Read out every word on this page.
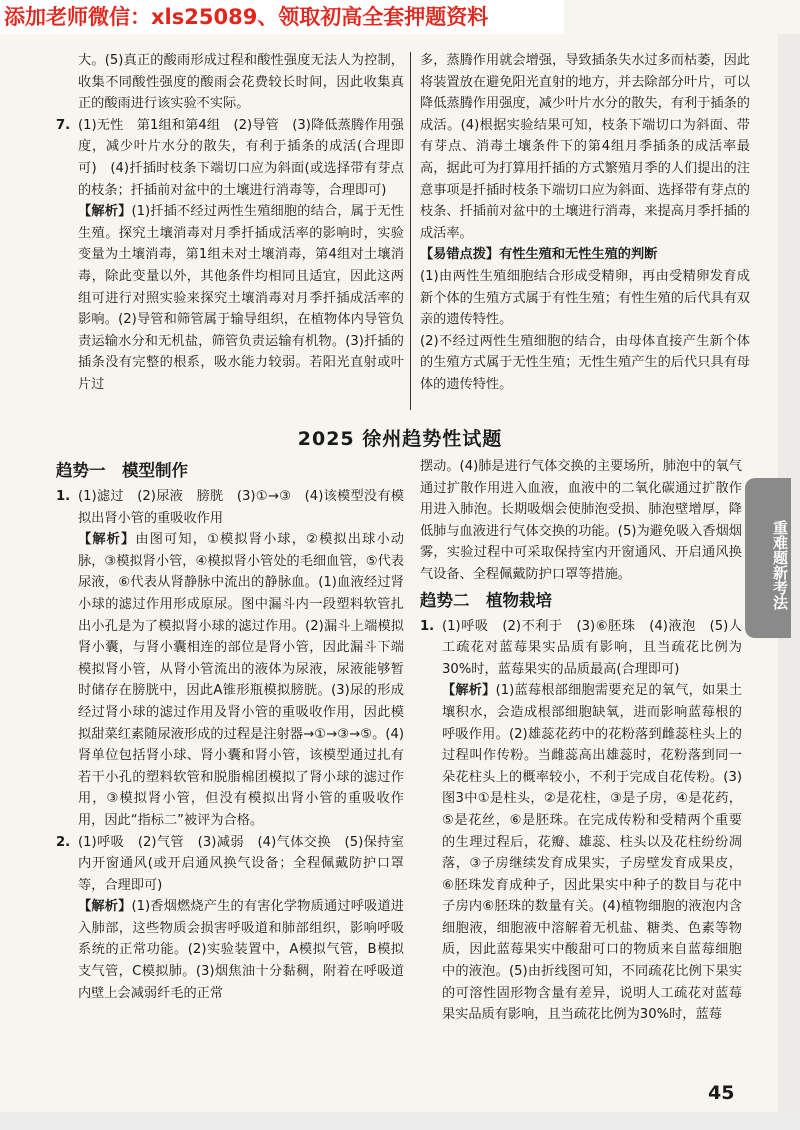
添加老师微信：xls25089、领取初高全套押题资料

大。(5)真正的酸雨形成过程和酸性强度无法人为控制，收集不同酸性强度的酸雨会花费较长时间，因此收集真正的酸雨进行该实验不实际。

7. (1)无性　第1组和第4组　(2)导管　(3)降低蒸腾作用强度，减少叶片水分的散失，有利于插条的成活(合理即可)　(4)扦插时枝条下端切口应为斜面(或选择带有芽点的枝条；扦插前对盆中的土壤进行消毒等，合理即可)

【解析】(1)扦插不经过两性生殖细胞的结合，属于无性生殖。探究土壤消毒对月季扦插成活率的影响时，实验变量为土壤消毒，第1组未对土壤消毒，第4组对土壤消毒，除此变量以外，其他条件均相同且适宜，因此这两组可进行对照实验来探究土壤消毒对月季扦插成活率的影响。(2)导管和筛管属于输导组织，在植物体内导管负责运输水分和无机盐，筛管负责运输有机物。(3)扦插的插条没有完整的根系，吸水能力较弱。若阳光直射或叶片过

多，蒸腾作用就会增强，导致插条失水过多而枯萎，因此将装置放在避免阳光直射的地方，并去除部分叶片，可以降低蒸腾作用强度，减少叶片水分的散失，有利于插条的成活。(4)根据实验结果可知，枝条下端切口为斜面、带有芽点、消毒土壤条件下的第4组月季插条的成活率最高，据此可为打算用扦插的方式繁殖月季的人们提出的注意事项是扦插时枝条下端切口应为斜面、选择带有芽点的枝条、扦插前对盆中的土壤进行消毒，来提高月季扦插的成活率。

【易错点拨】有性生殖和无性生殖的判断

(1)由两性生殖细胞结合形成受精卵，再由受精卵发育成新个体的生殖方式属于有性生殖；有性生殖的后代具有双亲的遗传特性。

(2)不经过两性生殖细胞的结合，由母体直接产生新个体的生殖方式属于无性生殖；无性生殖产生的后代只具有母体的遗传特性。

2025 徐州趋势性试题

趋势一　模型制作

1. (1)滤过　(2)尿液　膀胱　(3)①→③　(4)该模型没有模拟出肾小管的重吸收作用

【解析】由图可知，①模拟肾小球，②模拟出球小动脉，③模拟肾小管，④模拟肾小管处的毛细血管，⑤代表尿液，⑥代表从肾静脉中流出的静脉血。(1)血液经过肾小球的滤过作用形成原尿。图中漏斗内一段塑料软管扎出小孔是为了模拟肾小球的滤过作用。(2)漏斗上端模拟肾小囊，与肾小囊相连的部位是肾小管，因此漏斗下端模拟肾小管，从肾小管流出的液体为尿液，尿液能够暂时储存在膀胱中，因此A锥形瓶模拟膀胱。(3)尿的形成经过肾小球的滤过作用及肾小管的重吸收作用，因此模拟甜菜红素随尿液形成的过程是注射器→①→③→⑤。(4)肾单位包括肾小球、肾小囊和肾小管，该模型通过扎有若干小孔的塑料软管和脱脂棉团模拟了肾小球的滤过作用，③模拟肾小管，但没有模拟出肾小管的重吸收作用，因此“指标二”被评为合格。

2. (1)呼吸　(2)气管　(3)减弱　(4)气体交换　(5)保持室内开窗通风(或开启通风换气设备；全程佩戴防护口罩等，合理即可)

【解析】(1)香烟燃烧产生的有害化学物质通过呼吸道进入肺部，这些物质会损害呼吸道和肺部组织，影响呼吸系统的正常功能。(2)实验装置中，A模拟气管，B模拟支气管，C模拟肺。(3)烟焦油十分黏稠，附着在呼吸道内壁上会减弱纤毛的正常

摆动。(4)肺是进行气体交换的主要场所，肺泡中的氧气通过扩散作用进入血液，血液中的二氧化碳通过扩散作用进入肺泡。长期吸烟会使肺泡受损、肺泡壁增厚，降低肺与血液进行气体交换的功能。(5)为避免吸入香烟烟雾，实验过程中可采取保持室内开窗通风、开启通风换气设备、全程佩戴防护口罩等措施。

趋势二　植物栽培

1. (1)呼吸　(2)不利于　(3)⑥胚珠　(4)液泡　(5)人工疏花对蓝莓果实品质有影响，且当疏花比例为30%时，蓝莓果实的品质最高(合理即可)

【解析】(1)蓝莓根部细胞需要充足的氧气，如果土壤积水，会造成根部细胞缺氧，进而影响蓝莓根的呼吸作用。(2)雄蕊花药中的花粉落到雌蕊柱头上的过程叫作传粉。当雌蕊高出雄蕊时，花粉落到同一朵花柱头上的概率较小，不利于完成自花传粉。(3)图3中①是柱头，②是花柱，③是子房，④是花药，⑤是花丝，⑥是胚珠。在完成传粉和受精两个重要的生理过程后，花瓣、雄蕊、柱头以及花柱纷纷凋落，③子房继续发育成果实，子房壁发育成果皮，⑥胚珠发育成种子，因此果实中种子的数目与花中子房内⑥胚珠的数量有关。(4)植物细胞的液泡内含细胞液，细胞液中溶解着无机盐、糖类、色素等物质，因此蓝莓果实中酸甜可口的物质来自蓝莓细胞中的液泡。(5)由折线图可知，不同疏花比例下果实的可溶性固形物含量有差异，说明人工疏花对蓝莓果实品质有影响，且当疏花比例为30%时，蓝莓

重难题新考法
45
